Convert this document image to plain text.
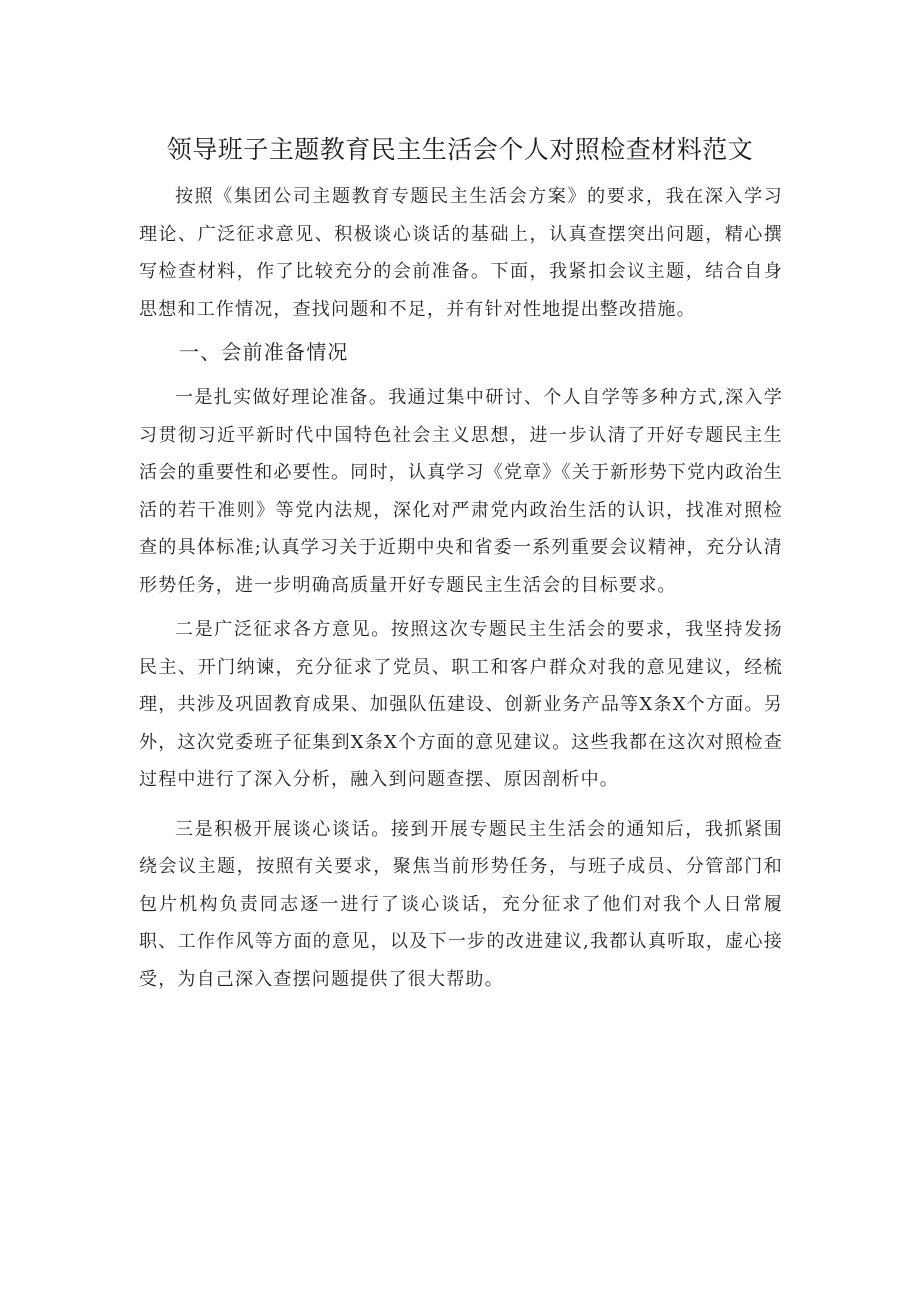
领导班子主题教育民主生活会个人对照检查材料范文

按照《集团公司主题教育专题民主生活会方案》的要求，我在深入学习理论、广泛征求意见、积极谈心谈话的基础上，认真查摆突出问题，精心撰写检查材料，作了比较充分的会前准备。下面，我紧扣会议主题，结合自身思想和工作情况，查找问题和不足，并有针对性地提出整改措施。

一、会前准备情况

一是扎实做好理论准备。我通过集中研讨、个人自学等多种方式,深入学习贯彻习近平新时代中国特色社会主义思想，进一步认清了开好专题民主生活会的重要性和必要性。同时，认真学习《党章》《关于新形势下党内政治生活的若干准则》等党内法规，深化对严肃党内政治生活的认识，找准对照检查的具体标准;认真学习关于近期中央和省委一系列重要会议精神，充分认清形势任务，进一步明确高质量开好专题民主生活会的目标要求。

二是广泛征求各方意见。按照这次专题民主生活会的要求，我坚持发扬民主、开门纳谏，充分征求了党员、职工和客户群众对我的意见建议，经梳理，共涉及巩固教育成果、加强队伍建设、创新业务产品等X条X个方面。另外，这次党委班子征集到X条X个方面的意见建议。这些我都在这次对照检查过程中进行了深入分析，融入到问题查摆、原因剖析中。

三是积极开展谈心谈话。接到开展专题民主生活会的通知后，我抓紧围绕会议主题，按照有关要求，聚焦当前形势任务，与班子成员、分管部门和包片机构负责同志逐一进行了谈心谈话，充分征求了他们对我个人日常履职、工作作风等方面的意见，以及下一步的改进建议,我都认真听取，虚心接受，为自己深入查摆问题提供了很大帮助。
